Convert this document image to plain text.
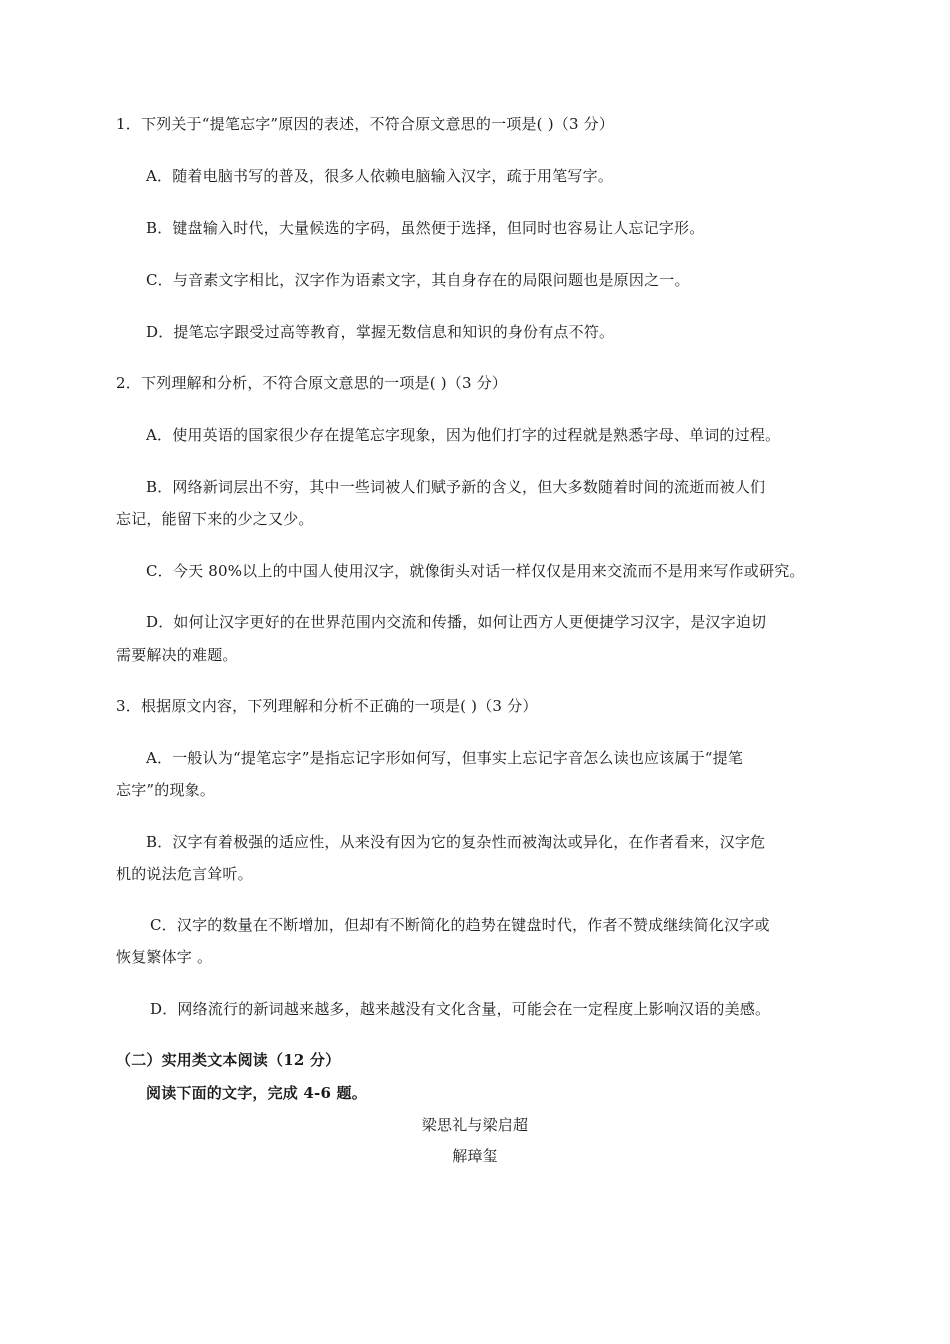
1．下列关于“提笔忘字”原因的表述，不符合原文意思的一项是( )（3 分）
A．随着电脑书写的普及，很多人依赖电脑输入汉字，疏于用笔写字。
B．键盘输入时代，大量候选的字码，虽然便于选择，但同时也容易让人忘记字形。
C．与音素文字相比，汉字作为语素文字，其自身存在的局限问题也是原因之一。
D．提笔忘字跟受过高等教育，掌握无数信息和知识的身份有点不符。
2．下列理解和分析，不符合原文意思的一项是( )（3 分）
A．使用英语的国家很少存在提笔忘字现象，因为他们打字的过程就是熟悉字母、单词的过程。
B．网络新词层出不穷，其中一些词被人们赋予新的含义，但大多数随着时间的流逝而被人们
忘记，能留下来的少之又少。
C．今天 80%以上的中国人使用汉字，就像街头对话一样仅仅是用来交流而不是用来写作或研究。
D．如何让汉字更好的在世界范围内交流和传播，如何让西方人更便捷学习汉字，是汉字迫切
需要解决的难题。
3．根据原文内容，下列理解和分析不正确的一项是( )（3 分）
A．一般认为“提笔忘字”是指忘记字形如何写，但事实上忘记字音怎么读也应该属于“提笔
忘字”的现象。
B．汉字有着极强的适应性，从来没有因为它的复杂性而被淘汰或异化，在作者看来，汉字危
机的说法危言耸听。
C．汉字的数量在不断增加，但却有不断简化的趋势在键盘时代，作者不赞成继续简化汉字或
恢复繁体字 。
D．网络流行的新词越来越多，越来越没有文化含量，可能会在一定程度上影响汉语的美感。
（二）实用类文本阅读（12 分）
阅读下面的文字，完成 4-6 题。
梁思礼与梁启超
解璋玺
